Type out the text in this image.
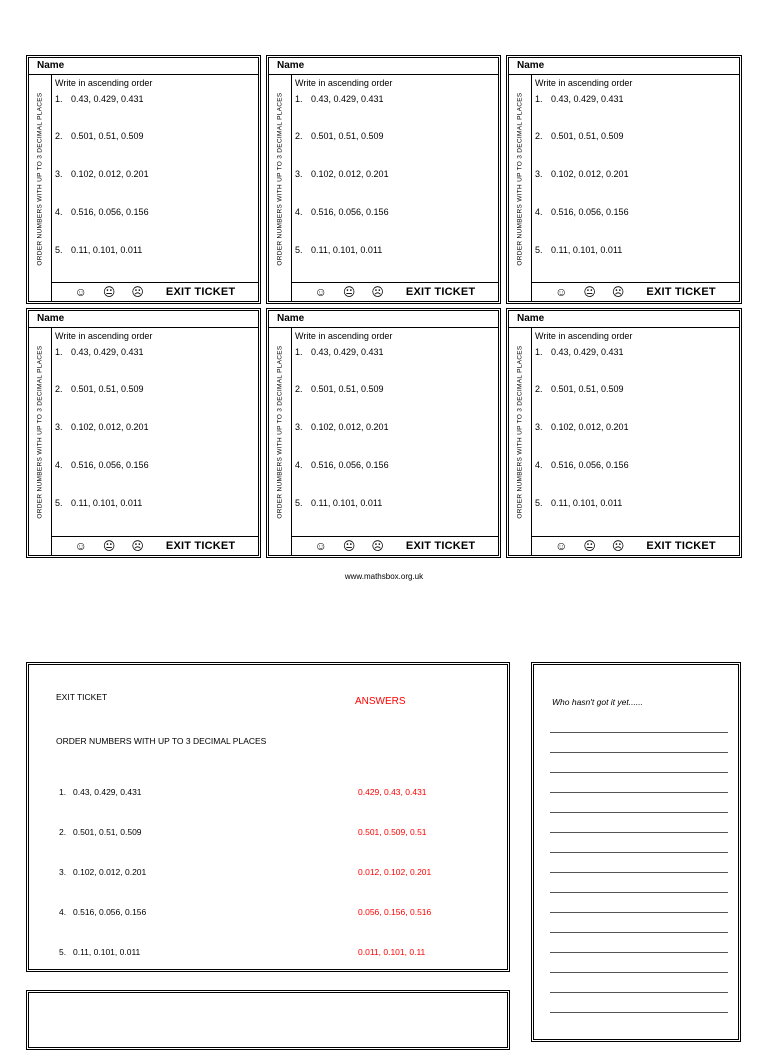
Name
ORDER NUMBERS WITH UP TO 3 DECIMAL PLACES
Write in ascending order
1. 0.43, 0.429, 0.431
2. 0.501, 0.51, 0.509
3. 0.102, 0.012, 0.201
4. 0.516, 0.056, 0.156
5. 0.11, 0.101, 0.011
☺ 😐 ☹ EXIT TICKET
Name
ORDER NUMBERS WITH UP TO 3 DECIMAL PLACES
Write in ascending order
1. 0.43, 0.429, 0.431
2. 0.501, 0.51, 0.509
3. 0.102, 0.012, 0.201
4. 0.516, 0.056, 0.156
5. 0.11, 0.101, 0.011
☺ 😐 ☹ EXIT TICKET
Name
ORDER NUMBERS WITH UP TO 3 DECIMAL PLACES
Write in ascending order
1. 0.43, 0.429, 0.431
2. 0.501, 0.51, 0.509
3. 0.102, 0.012, 0.201
4. 0.516, 0.056, 0.156
5. 0.11, 0.101, 0.011
☺ 😐 ☹ EXIT TICKET
Name
ORDER NUMBERS WITH UP TO 3 DECIMAL PLACES
Write in ascending order
1. 0.43, 0.429, 0.431
2. 0.501, 0.51, 0.509
3. 0.102, 0.012, 0.201
4. 0.516, 0.056, 0.156
5. 0.11, 0.101, 0.011
☺ 😐 ☹ EXIT TICKET
Name
ORDER NUMBERS WITH UP TO 3 DECIMAL PLACES
Write in ascending order
1. 0.43, 0.429, 0.431
2. 0.501, 0.51, 0.509
3. 0.102, 0.012, 0.201
4. 0.516, 0.056, 0.156
5. 0.11, 0.101, 0.011
☺ 😐 ☹ EXIT TICKET
Name
ORDER NUMBERS WITH UP TO 3 DECIMAL PLACES
Write in ascending order
1. 0.43, 0.429, 0.431
2. 0.501, 0.51, 0.509
3. 0.102, 0.012, 0.201
4. 0.516, 0.056, 0.156
5. 0.11, 0.101, 0.011
☺ 😐 ☹ EXIT TICKET
www.mathsbox.org.uk
EXIT TICKET	ANSWERS
ORDER NUMBERS WITH UP TO 3 DECIMAL PLACES
1. 0.43, 0.429, 0.431	0.429, 0.43, 0.431
2. 0.501, 0.51, 0.509	0.501, 0.509, 0.51
3. 0.102, 0.012, 0.201	0.012, 0.102, 0.201
4. 0.516, 0.056, 0.156	0.056, 0.156, 0.516
5. 0.11, 0.101, 0.011	0.011, 0.101, 0.11
Who hasn't got it yet......
